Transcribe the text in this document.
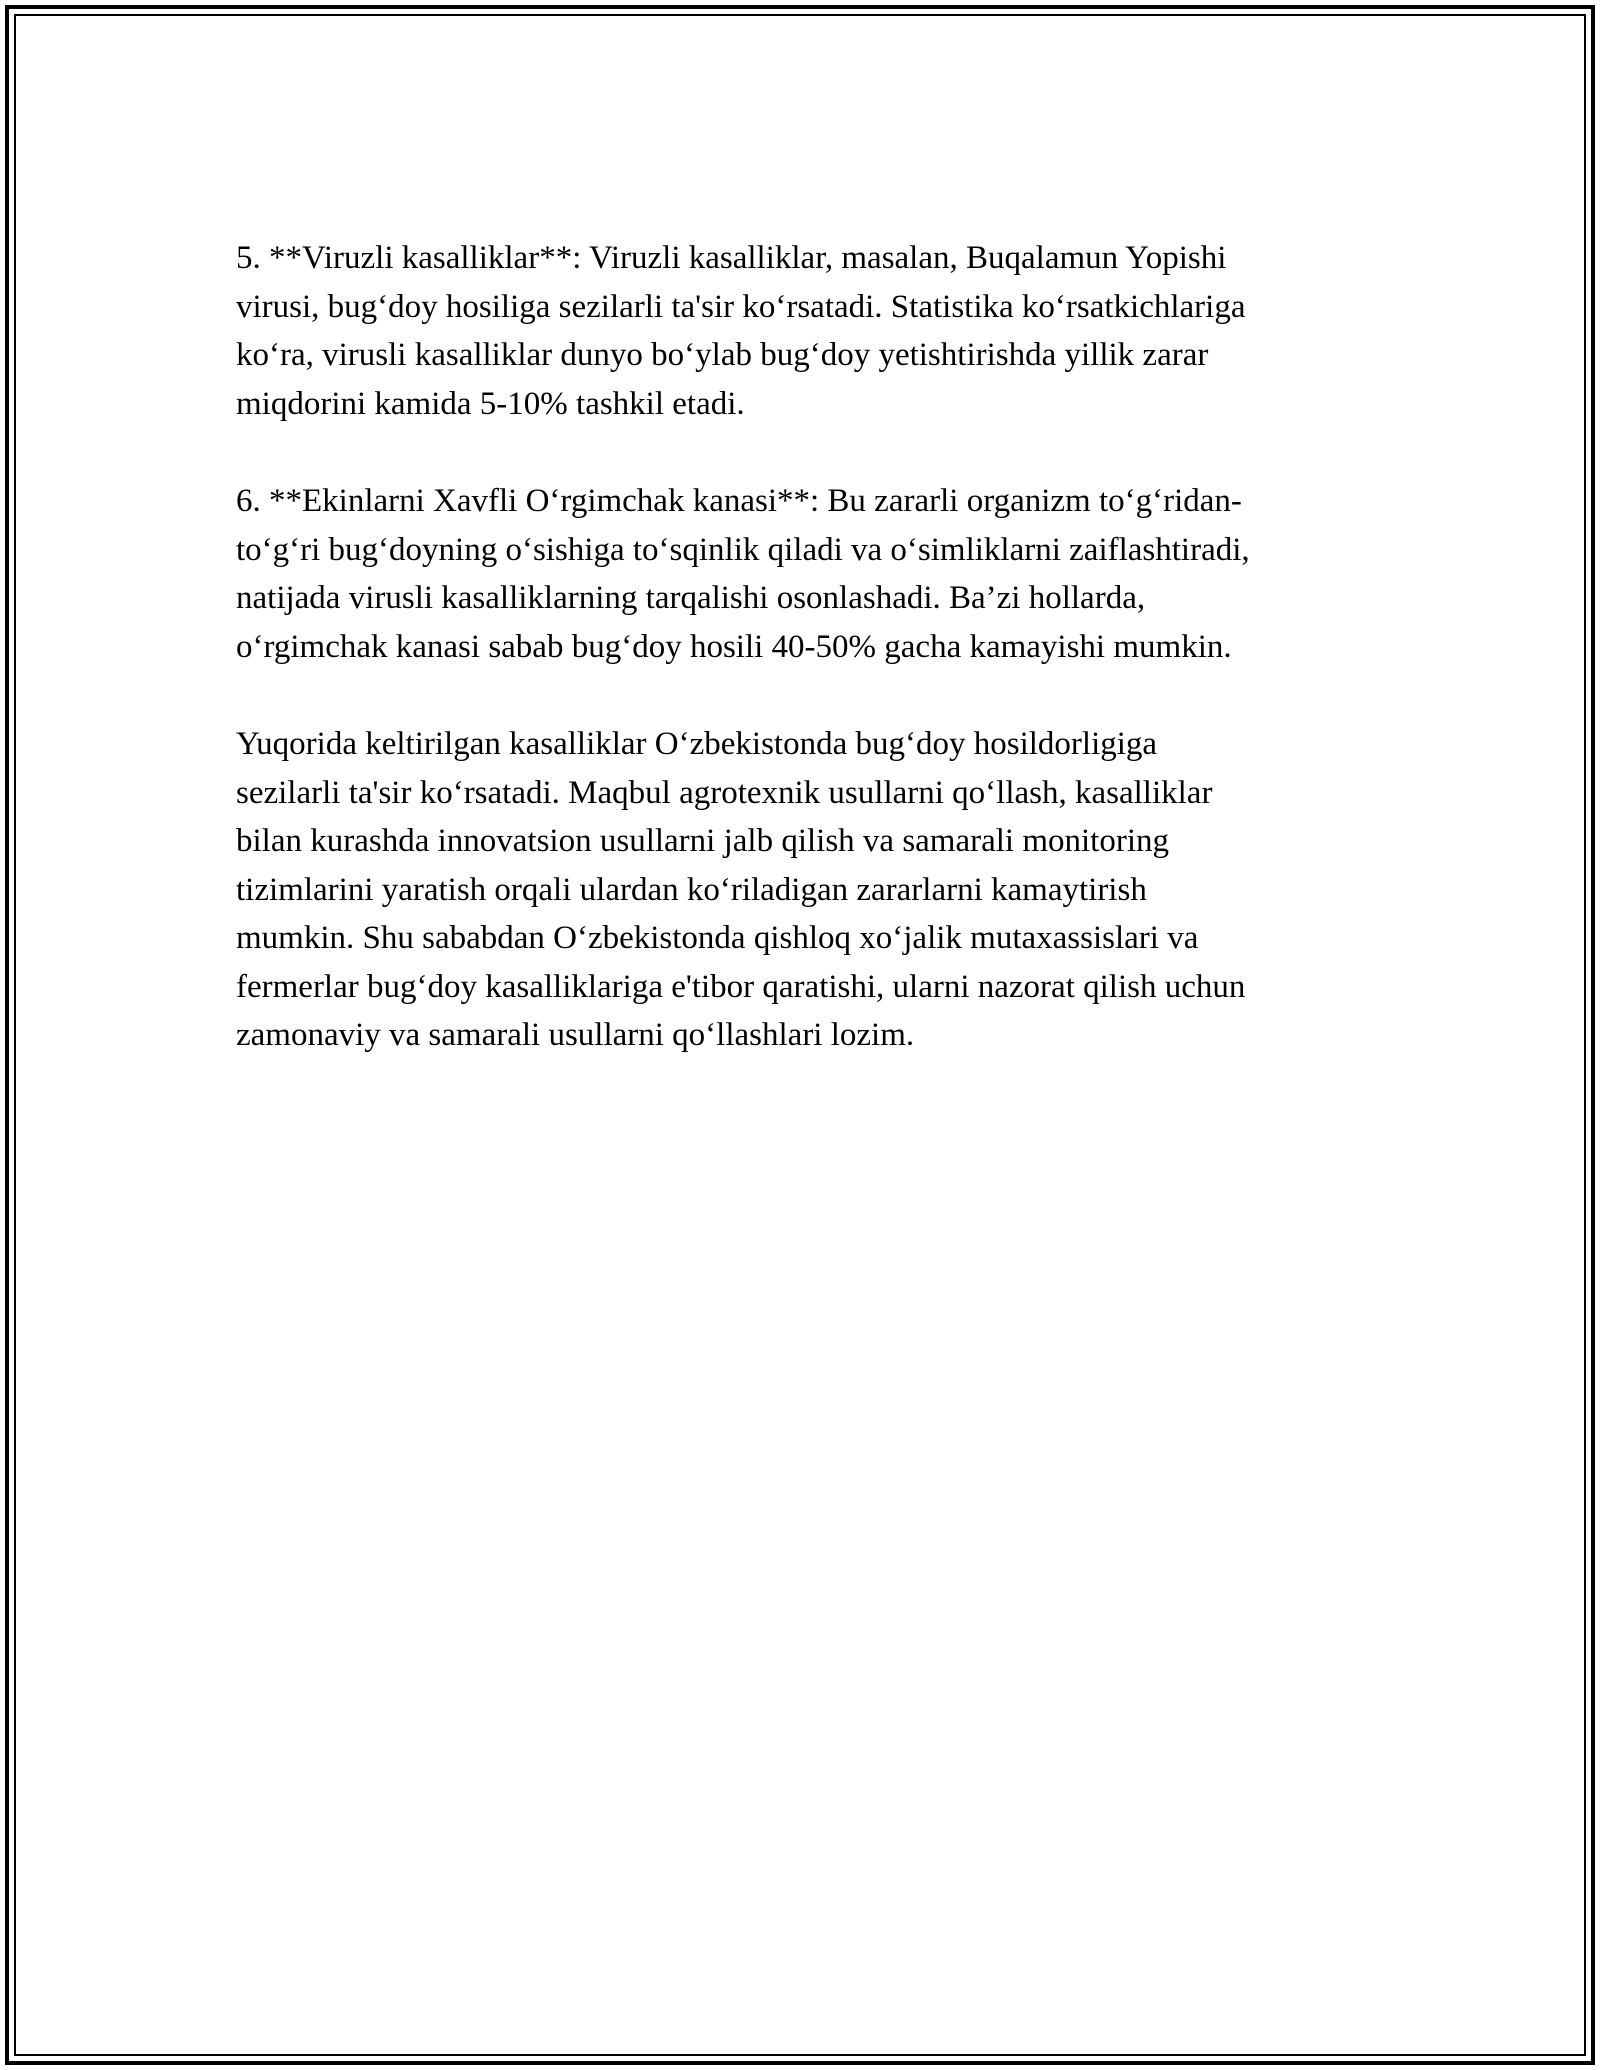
5. **Viruzli kasalliklar**: Viruzli kasalliklar, masalan, Buqalamun Yopishi
virusi, bug‘doy hosiliga sezilarli ta'sir ko‘rsatadi. Statistika ko‘rsatkichlariga
ko‘ra, virusli kasalliklar dunyo bo‘ylab bug‘doy yetishtirishda yillik zarar
miqdorini kamida 5-10% tashkil etadi.

6. **Ekinlarni Xavfli O‘rgimchak kanasi**: Bu zararli organizm to‘g‘ridan-
to‘g‘ri bug‘doyning o‘sishiga to‘sqinlik qiladi va o‘simliklarni zaiflashtiradi,
natijada virusli kasalliklarning tarqalishi osonlashadi. Ba’zi hollarda,
o‘rgimchak kanasi sabab bug‘doy hosili 40-50% gacha kamayishi mumkin.

Yuqorida keltirilgan kasalliklar O‘zbekistonda bug‘doy hosildorligiga
sezilarli ta'sir ko‘rsatadi. Maqbul agrotexnik usullarni qo‘llash, kasalliklar
bilan kurashda innovatsion usullarni jalb qilish va samarali monitoring
tizimlarini yaratish orqali ulardan ko‘riladigan zararlarni kamaytirish
mumkin. Shu sababdan O‘zbekistonda qishloq xo‘jalik mutaxassislari va
fermerlar bug‘doy kasalliklariga e'tibor qaratishi, ularni nazorat qilish uchun
zamonaviy va samarali usullarni qo‘llashlari lozim.
